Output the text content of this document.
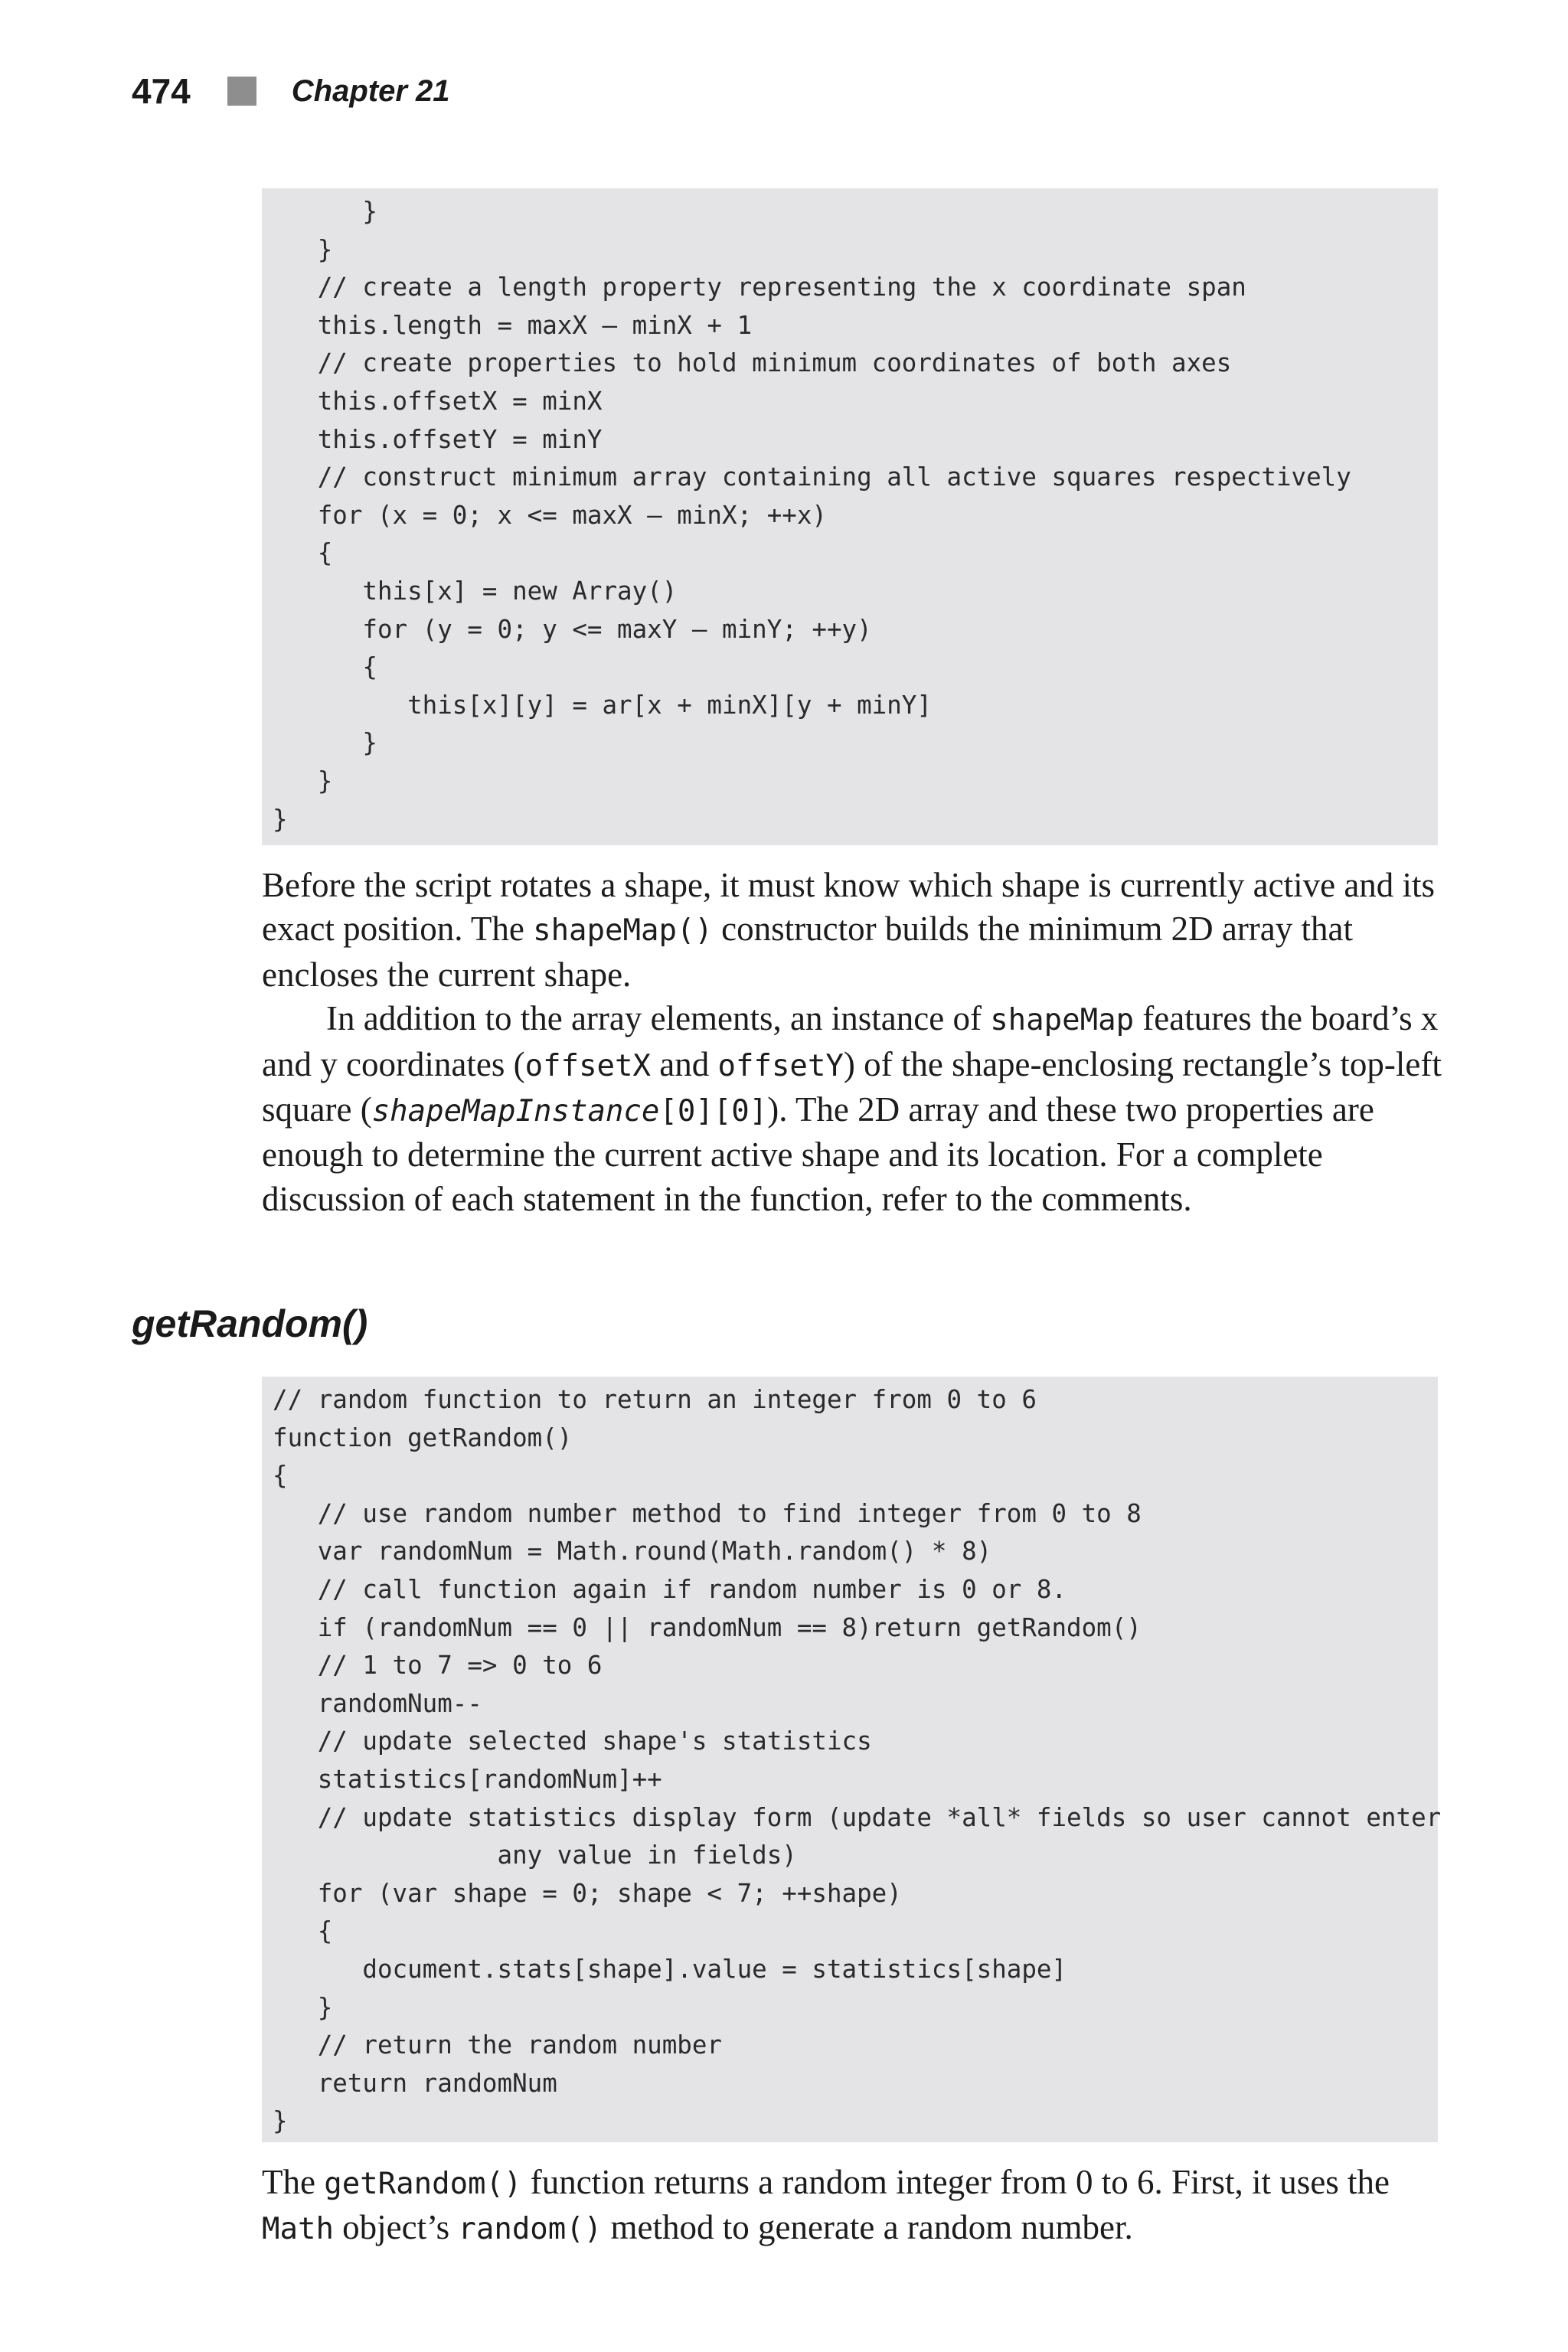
474	Chapter 21
}
}
// create a length property representing the x coordinate span
this.length = maxX – minX + 1
// create properties to hold minimum coordinates of both axes
this.offsetX = minX
this.offsetY = minY
// construct minimum array containing all active squares respectively
for (x = 0; x <= maxX – minX; ++x)
{
this[x] = new Array()
for (y = 0; y <= maxY – minY; ++y)
{
this[x][y] = ar[x + minX][y + minY]
}
}
}

Before the script rotates a shape, it must know which shape is currently active and its exact position. The shapeMap() constructor builds the minimum 2D array that encloses the current shape.

In addition to the array elements, an instance of shapeMap features the board’s x and y coordinates (offsetX and offsetY) of the shape-enclosing rectangle’s top-left square (shapeMapInstance[0][0]). The 2D array and these two properties are enough to determine the current active shape and its location. For a complete discussion of each statement in the function, refer to the comments.

getRandom()
// random function to return an integer from 0 to 6
function getRandom()
{
// use random number method to find integer from 0 to 8
var randomNum = Math.round(Math.random() * 8)
// call function again if random number is 0 or 8.
if (randomNum == 0 || randomNum == 8)return getRandom()
// 1 to 7 => 0 to 6
randomNum--
// update selected shape's statistics
statistics[randomNum]++
// update statistics display form (update *all* fields so user cannot enter
any value in fields)
for (var shape = 0; shape < 7; ++shape)
{
document.stats[shape].value = statistics[shape]
}
// return the random number
return randomNum
}

The getRandom() function returns a random integer from 0 to 6. First, it uses the Math object’s random() method to generate a random number.
